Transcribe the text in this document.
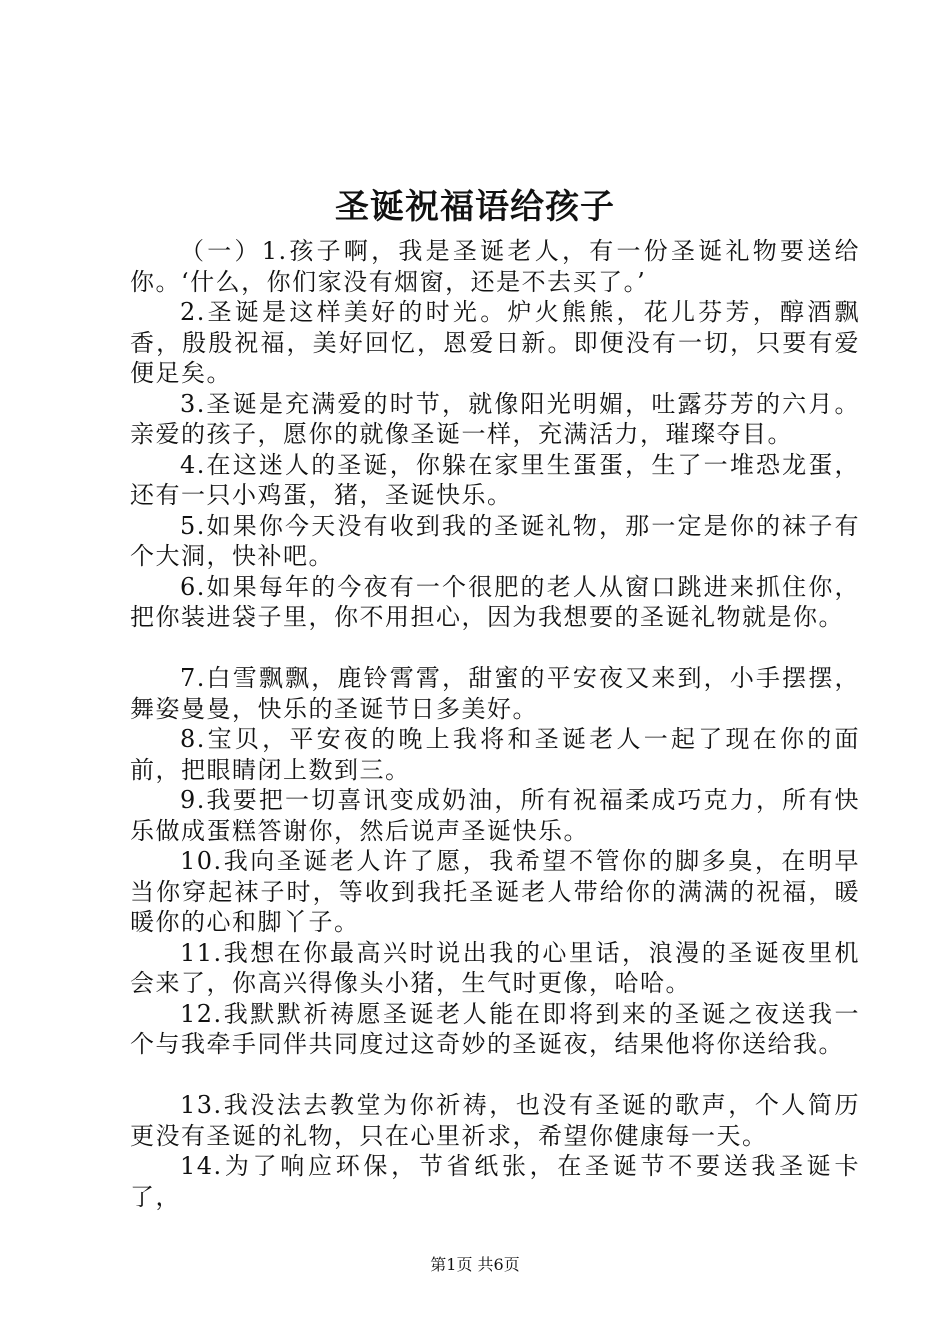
圣诞祝福语给孩子

（一）1.孩子啊，我是圣诞老人，有一份圣诞礼物要送给你。‘什么，你们家没有烟窗，还是不去买了。’

2.圣诞是这样美好的时光。炉火熊熊，花儿芬芳，醇酒飘香，殷殷祝福，美好回忆，恩爱日新。即便没有一切，只要有爱便足矣。

3.圣诞是充满爱的时节，就像阳光明媚，吐露芬芳的六月。亲爱的孩子，愿你的就像圣诞一样，充满活力，璀璨夺目。

4.在这迷人的圣诞，你躲在家里生蛋蛋，生了一堆恐龙蛋，还有一只小鸡蛋，猪，圣诞快乐。

5.如果你今天没有收到我的圣诞礼物，那一定是你的袜子有个大洞，快补吧。

6.如果每年的今夜有一个很肥的老人从窗口跳进来抓住你，把你装进袋子里，你不用担心，因为我想要的圣诞礼物就是你。

7.白雪飘飘，鹿铃霄霄，甜蜜的平安夜又来到，小手摆摆，舞姿曼曼，快乐的圣诞节日多美好。

8.宝贝，平安夜的晚上我将和圣诞老人一起了现在你的面前，把眼睛闭上数到三。

9.我要把一切喜讯变成奶油，所有祝福柔成巧克力，所有快乐做成蛋糕答谢你，然后说声圣诞快乐。

10.我向圣诞老人许了愿，我希望不管你的脚多臭，在明早当你穿起袜子时，等收到我托圣诞老人带给你的满满的祝福，暖暖你的心和脚丫子。

11.我想在你最高兴时说出我的心里话，浪漫的圣诞夜里机会来了，你高兴得像头小猪，生气时更像，哈哈。

12.我默默祈祷愿圣诞老人能在即将到来的圣诞之夜送我一个与我牵手同伴共同度过这奇妙的圣诞夜，结果他将你送给我。

13.我没法去教堂为你祈祷，也没有圣诞的歌声，个人简历更没有圣诞的礼物，只在心里祈求，希望你健康每一天。

14.为了响应环保，节省纸张，在圣诞节不要送我圣诞卡了，

第1页 共6页
